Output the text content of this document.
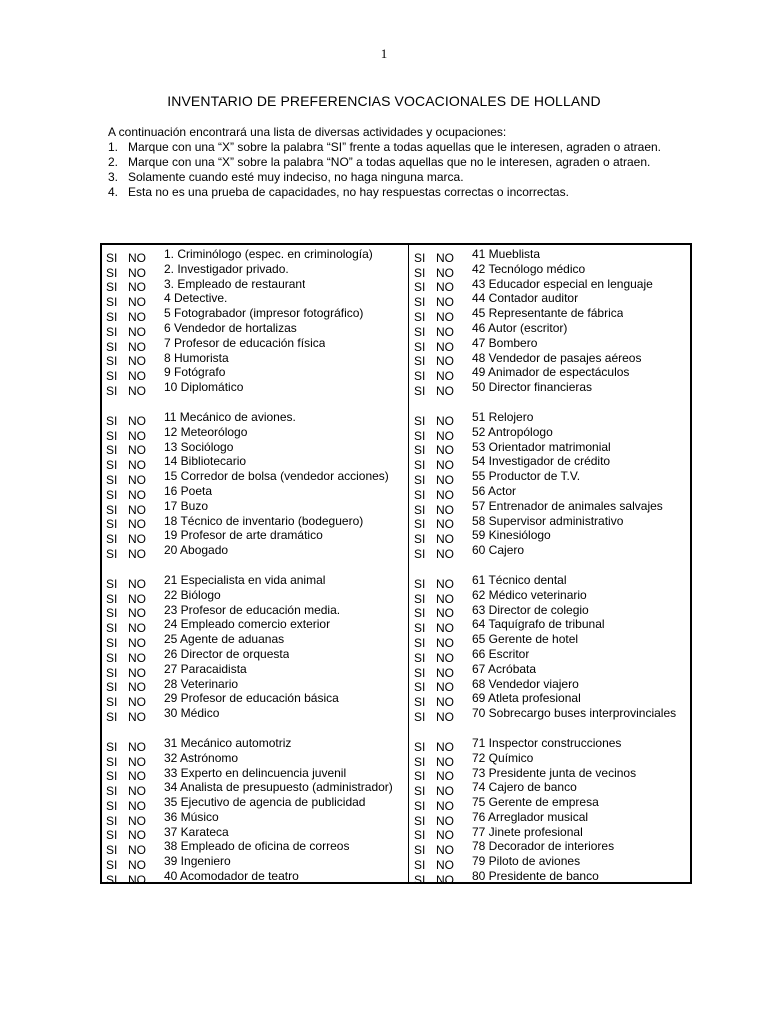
1
INVENTARIO DE PREFERENCIAS VOCACIONALES DE HOLLAND

A continuación encontrará una lista de diversas actividades y ocupaciones:

1. Marque con una “X” sobre la palabra “SI” frente a todas aquellas que le interesen, agraden o atraen.
2. Marque con una “X” sobre la palabra “NO” a todas aquellas que no le interesen, agraden o atraen.
3. Solamente cuando esté muy indeciso, no haga ninguna marca.
4. Esta no es una prueba de capacidades, no hay respuestas correctas o incorrectas.
SI NO 1. Criminólogo (espec. en criminología)
SI NO 2. Investigador privado.
SI NO 3. Empleado de restaurant
SI NO 4 Detective.
SI NO 5 Fotograbador (impresor fotográfico)
SI NO 6 Vendedor de hortalizas
SI NO 7 Profesor de educación física
SI NO 8 Humorista
SI NO 9 Fotógrafo
SI NO 10 Diplomático
SI NO 11 Mecánico de aviones.
SI NO 12 Meteorólogo
SI NO 13 Sociólogo
SI NO 14 Bibliotecario
SI NO 15 Corredor de bolsa (vendedor acciones)
SI NO 16 Poeta
SI NO 17 Buzo
SI NO 18 Técnico de inventario (bodeguero)
SI NO 19 Profesor de arte dramático
SI NO 20 Abogado
SI NO 21 Especialista en vida animal
SI NO 22 Biólogo
SI NO 23 Profesor de educación media.
SI NO 24 Empleado comercio exterior
SI NO 25 Agente de aduanas
SI NO 26 Director de orquesta
SI NO 27 Paracaidista
SI NO 28 Veterinario
SI NO 29 Profesor de educación básica
SI NO 30 Médico
SI NO 31 Mecánico automotriz
SI NO 32 Astrónomo
SI NO 33 Experto en delincuencia juvenil
SI NO 34 Analista de presupuesto (administrador)
SI NO 35 Ejecutivo de agencia de publicidad
SI NO 36 Músico
SI NO 37 Karateca
SI NO 38 Empleado de oficina de correos
SI NO 39 Ingeniero
SI NO 40 Acomodador de teatro
SI NO 41 Mueblista
SI NO 42 Tecnólogo médico
SI NO 43 Educador especial en lenguaje
SI NO 44 Contador auditor
SI NO 45 Representante de fábrica
SI NO 46 Autor (escritor)
SI NO 47 Bombero
SI NO 48 Vendedor de pasajes aéreos
SI NO 49 Animador de espectáculos
SI NO 50 Director financieras
SI NO 51 Relojero
SI NO 52 Antropólogo
SI NO 53 Orientador matrimonial
SI NO 54 Investigador de crédito
SI NO 55 Productor de T.V.
SI NO 56 Actor
SI NO 57 Entrenador de animales salvajes
SI NO 58 Supervisor administrativo
SI NO 59 Kinesiólogo
SI NO 60 Cajero
SI NO 61 Técnico dental
SI NO 62 Médico veterinario
SI NO 63 Director de colegio
SI NO 64 Taquígrafo de tribunal
SI NO 65 Gerente de hotel
SI NO 66 Escritor
SI NO 67 Acróbata
SI NO 68 Vendedor viajero
SI NO 69 Atleta profesional
SI NO 70 Sobrecargo buses interprovinciales
SI NO 71 Inspector construcciones
SI NO 72 Químico
SI NO 73 Presidente junta de vecinos
SI NO 74 Cajero de banco
SI NO 75 Gerente de empresa
SI NO 76 Arreglador musical
SI NO 77 Jinete profesional
SI NO 78 Decorador de interiores
SI NO 79 Piloto de aviones
SI NO 80 Presidente de banco
